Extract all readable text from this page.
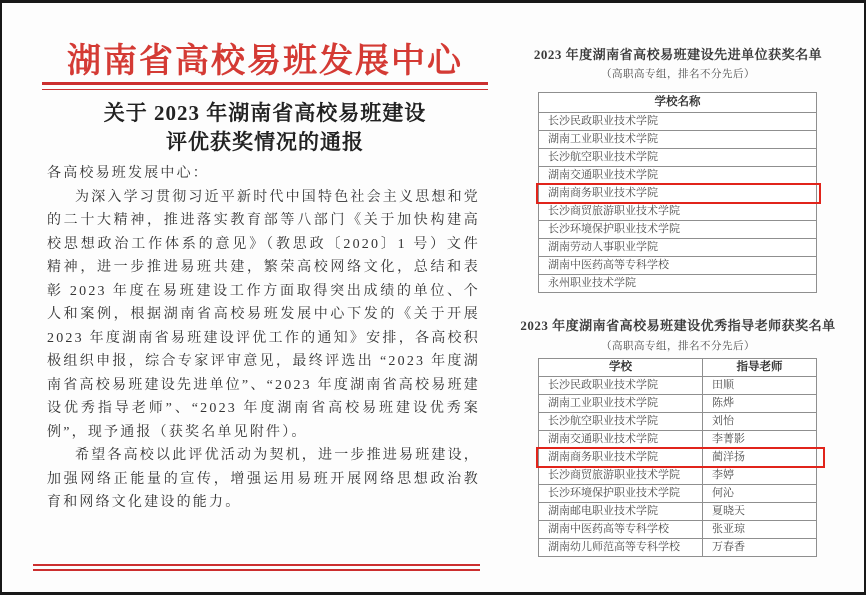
湖南省高校易班发展中心
关于 2023 年湖南省高校易班建设
评优获奖情况的通报

各高校易班发展中心：

为深入学习贯彻习近平新时代中国特色社会主义思想和党的二十大精神，推进落实教育部等八部门《关于加快构建高校思想政治工作体系的意见》（教思政〔2020〕1 号）文件精神，进一步推进易班共建，繁荣高校网络文化，总结和表彰 2023 年度在易班建设工作方面取得突出成绩的单位、个人和案例，根据湖南省高校易班发展中心下发的《关于开展 2023 年度湖南省易班建设评优工作的通知》安排，各高校积极组织申报，综合专家评审意见，最终评选出 “2023 年度湖南省高校易班建设先进单位”、“2023 年度湖南省高校易班建设优秀指导老师”、“2023 年度湖南省高校易班建设优秀案例”，现予通报（获奖名单见附件）。

希望各高校以此评优活动为契机，进一步推进易班建设，加强网络正能量的宣传，增强运用易班开展网络思想政治教育和网络文化建设的能力。

2023 年度湖南省高校易班建设先进单位获奖名单
（高职高专组，排名不分先后）
学校名称
长沙民政职业技术学院
湖南工业职业技术学院
长沙航空职业技术学院
湖南交通职业技术学院
湖南商务职业技术学院
长沙商贸旅游职业技术学院
长沙环境保护职业技术学院
湖南劳动人事职业学院
湖南中医药高等专科学校
永州职业技术学院
2023 年度湖南省高校易班建设优秀指导老师获奖名单
（高职高专组，排名不分先后）
学校	指导老师
长沙民政职业技术学院	田顺
湖南工业职业技术学院	陈烨
长沙航空职业技术学院	刘怡
湖南交通职业技术学院	李菁影
湖南商务职业技术学院	蔺洋扬
长沙商贸旅游职业技术学院	李婷
长沙环境保护职业技术学院	何沁
湖南邮电职业技术学院	夏晓天
湖南中医药高等专科学校	张亚琼
湖南幼儿师范高等专科学校	万春香
